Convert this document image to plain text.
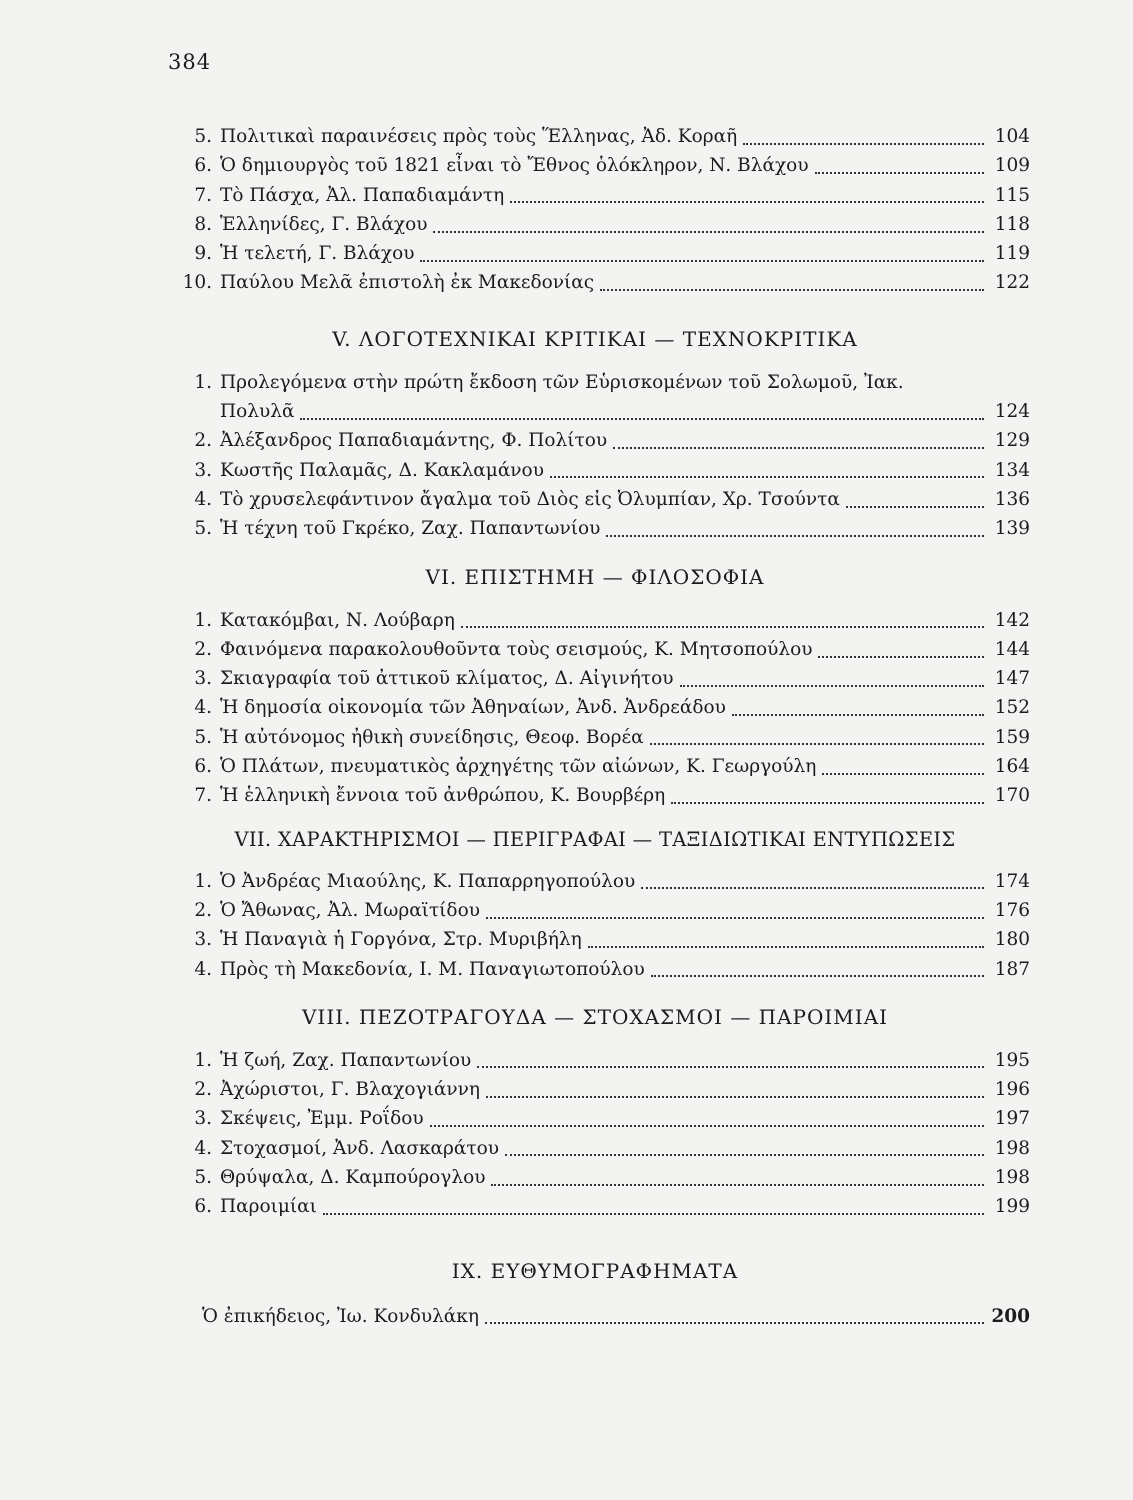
384
5. Πολιτικαὶ παραινέσεις πρὸς τοὺς Ἕλληνας, Ἀδ. Κοραῆ	104
6. Ὁ δημιουργὸς τοῦ 1821 εἶναι τὸ Ἔθνος ὁλόκληρον, Ν. Βλάχου	109
7. Τὸ Πάσχα, Ἀλ. Παπαδιαμάντη	115
8. Ἑλληνίδες, Γ. Βλάχου	118
9. Ἡ τελετή, Γ. Βλάχου	119
10. Παύλου Μελᾶ ἐπιστολὴ ἐκ Μακεδονίας	122
V. ΛΟΓΟΤΕΧΝΙΚΑΙ ΚΡΙΤΙΚΑΙ — ΤΕΧΝΟΚΡΙΤΙΚΑ
1. Προλεγόμενα στὴν πρώτη ἔκδοση τῶν Εὑρισκομένων τοῦ Σολωμοῦ, Ἰακ.
Πολυλᾶ	124
2. Ἀλέξανδρος Παπαδιαμάντης, Φ. Πολίτου	129
3. Κωστῆς Παλαμᾶς, Δ. Κακλαμάνου	134
4. Τὸ χρυσελεφάντινον ἄγαλμα τοῦ Διὸς εἰς Ὀλυμπίαν, Χρ. Τσούντα	136
5. Ἡ τέχνη τοῦ Γκρέκο, Ζαχ. Παπαντωνίου	139
VI. ΕΠΙΣΤΗΜΗ — ΦΙΛΟΣΟΦΙΑ
1. Κατακόμβαι, Ν. Λούβαρη	142
2. Φαινόμενα παρακολουθοῦντα τοὺς σεισμούς, Κ. Μητσοπούλου	144
3. Σκιαγραφία τοῦ ἀττικοῦ κλίματος, Δ. Αἰγινήτου	147
4. Ἡ δημοσία οἰκονομία τῶν Ἀθηναίων, Ἀνδ. Ἀνδρεάδου	152
5. Ἡ αὐτόνομος ἠθικὴ συνείδησις, Θεοφ. Βορέα	159
6. Ὁ Πλάτων, πνευματικὸς ἀρχηγέτης τῶν αἰώνων, Κ. Γεωργούλη	164
7. Ἡ ἑλληνικὴ ἔννοια τοῦ ἀνθρώπου, Κ. Βουρβέρη	170
VII. ΧΑΡΑΚΤΗΡΙΣΜΟΙ — ΠΕΡΙΓΡΑΦΑΙ — ΤΑΞΙΔΙΩΤΙΚΑΙ ΕΝΤΥΠΩΣΕΙΣ
1. Ὁ Ἀνδρέας Μιαούλης, Κ. Παπαρρηγοπούλου	174
2. Ὁ Ἄθωνας, Ἀλ. Μωραϊτίδου	176
3. Ἡ Παναγιὰ ἡ Γοργόνα, Στρ. Μυριβήλη	180
4. Πρὸς τὴ Μακεδονία, Ι. Μ. Παναγιωτοπούλου	187
VIII. ΠΕΖΟΤΡΑΓΟΥΔΑ — ΣΤΟΧΑΣΜΟΙ — ΠΑΡΟΙΜΙΑΙ
1. Ἡ ζωή, Ζαχ. Παπαντωνίου	195
2. Ἀχώριστοι, Γ. Βλαχογιάννη	196
3. Σκέψεις, Ἐμμ. Ροΐδου	197
4. Στοχασμοί, Ἀνδ. Λασκαράτου	198
5. Θρύψαλα, Δ. Καμπούρογλου	198
6. Παροιμίαι	199
IX. ΕΥΘΥΜΟΓΡΑΦΗΜΑΤΑ
Ὁ ἐπικήδειος, Ἰω. Κονδυλάκη	200
